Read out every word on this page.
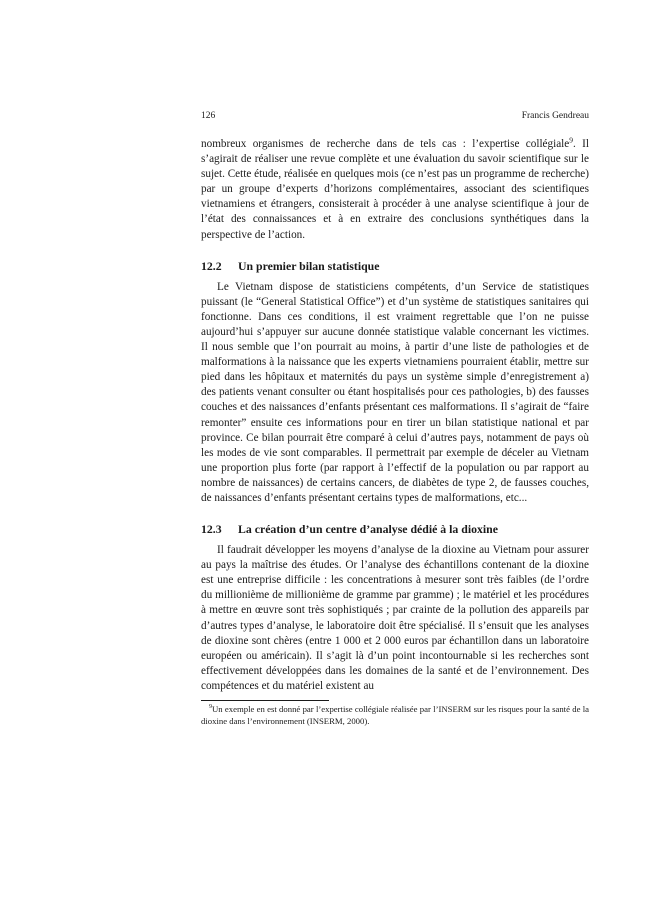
126	Francis Gendreau

nombreux organismes de recherche dans de tels cas : l’expertise collégiale$^9$. Il s’agirait de réaliser une revue complète et une évaluation du savoir scientifique sur le sujet. Cette étude, réalisée en quelques mois (ce n’est pas un programme de recherche) par un groupe d’experts d’horizons complémentaires, associant des scientifiques vietnamiens et étrangers, consisterait à procéder à une analyse scientifique à jour de l’état des connaissances et à en extraire des conclusions synthétiques dans la perspective de l’action.

12.2	Un premier bilan statistique

Le Vietnam dispose de statisticiens compétents, d’un Service de statistiques puissant (le “General Statistical Office”) et d’un système de statistiques sanitaires qui fonctionne. Dans ces conditions, il est vraiment regrettable que l’on ne puisse aujourd’hui s’appuyer sur aucune donnée statistique valable concernant les victimes. Il nous semble que l’on pourrait au moins, à partir d’une liste de pathologies et de malformations à la naissance que les experts vietnamiens pourraient établir, mettre sur pied dans les hôpitaux et maternités du pays un système simple d’enregistrement a) des patients venant consulter ou étant hospitalisés pour ces pathologies, b) des fausses couches et des naissances d’enfants présentant ces malformations. Il s’agirait de “faire remonter” ensuite ces informations pour en tirer un bilan statistique national et par province. Ce bilan pourrait être comparé à celui d’autres pays, notamment de pays où les modes de vie sont comparables. Il permettrait par exemple de déceler au Vietnam une proportion plus forte (par rapport à l’effectif de la population ou par rapport au nombre de naissances) de certains cancers, de diabètes de type 2, de fausses couches, de naissances d’enfants présentant certains types de malformations, etc...

12.3	La création d’un centre d’analyse dédié à la dioxine

Il faudrait développer les moyens d’analyse de la dioxine au Vietnam pour assurer au pays la maîtrise des études. Or l’analyse des échantillons contenant de la dioxine est une entreprise difficile : les concentrations à mesurer sont très faibles (de l’ordre du millionième de millionième de gramme par gramme) ; le matériel et les procédures à mettre en œuvre sont très sophistiqués ; par crainte de la pollution des appareils par d’autres types d’analyse, le laboratoire doit être spécialisé. Il s’ensuit que les analyses de dioxine sont chères (entre 1 000 et 2 000 euros par échantillon dans un laboratoire européen ou américain). Il s’agit là d’un point incontournable si les recherches sont effectivement développées dans les domaines de la santé et de l’environnement. Des compétences et du matériel existent au

$^9$Un exemple en est donné par l’expertise collégiale réalisée par l’INSERM sur les risques pour la santé de la dioxine dans l’environnement (INSERM, 2000).
